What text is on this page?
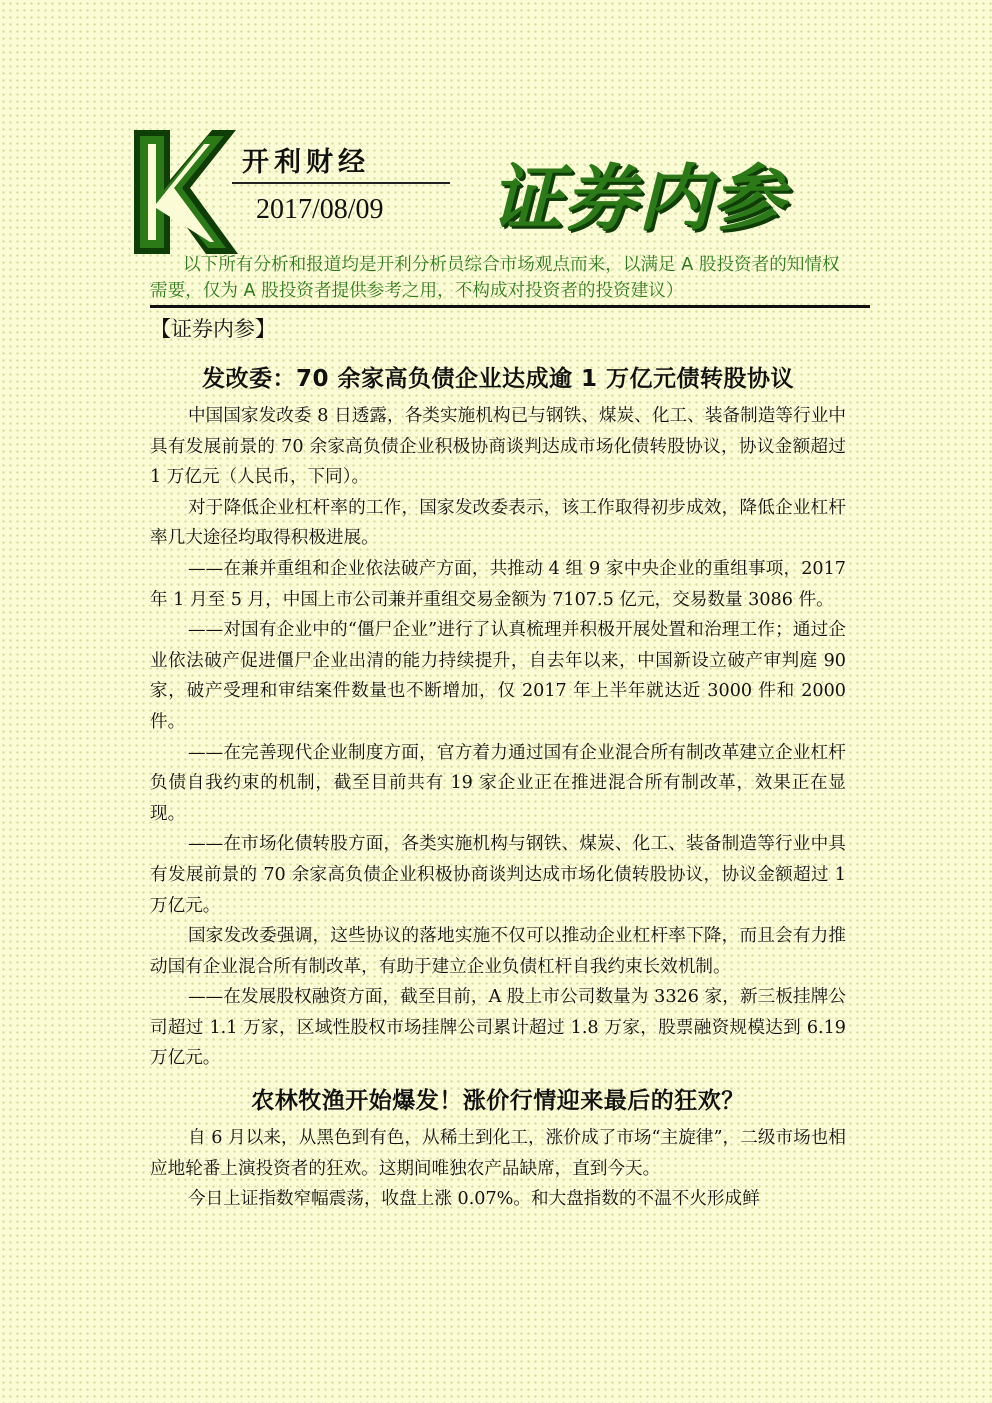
开利财经
2017/08/09 证券内参

以下所有分析和报道均是开利分析员综合市场观点而来，以满足 A 股投资者的知情权需要，仅为 A 股投资者提供参考之用，不构成对投资者的投资建议）

【证券内参】
发改委：70 余家高负债企业达成逾 1 万亿元债转股协议

中国国家发改委 8 日透露，各类实施机构已与钢铁、煤炭、化工、装备制造等行业中具有发展前景的 70 余家高负债企业积极协商谈判达成市场化债转股协议，协议金额超过 1 万亿元（人民币，下同）。

对于降低企业杠杆率的工作，国家发改委表示，该工作取得初步成效，降低企业杠杆率几大途径均取得积极进展。

——在兼并重组和企业依法破产方面，共推动 4 组 9 家中央企业的重组事项，2017 年 1 月至 5 月，中国上市公司兼并重组交易金额为 7107.5 亿元，交易数量 3086 件。

——对国有企业中的“僵尸企业”进行了认真梳理并积极开展处置和治理工作；通过企业依法破产促进僵尸企业出清的能力持续提升，自去年以来，中国新设立破产审判庭 90 家，破产受理和审结案件数量也不断增加，仅 2017 年上半年就达近 3000 件和 2000 件。

——在完善现代企业制度方面，官方着力通过国有企业混合所有制改革建立企业杠杆负债自我约束的机制，截至目前共有 19 家企业正在推进混合所有制改革，效果正在显现。

——在市场化债转股方面，各类实施机构与钢铁、煤炭、化工、装备制造等行业中具有发展前景的 70 余家高负债企业积极协商谈判达成市场化债转股协议，协议金额超过 1 万亿元。

国家发改委强调，这些协议的落地实施不仅可以推动企业杠杆率下降，而且会有力推动国有企业混合所有制改革，有助于建立企业负债杠杆自我约束长效机制。

——在发展股权融资方面，截至目前，A 股上市公司数量为 3326 家，新三板挂牌公司超过 1.1 万家，区域性股权市场挂牌公司累计超过 1.8 万家，股票融资规模达到 6.19 万亿元。

农林牧渔开始爆发！涨价行情迎来最后的狂欢？

自 6 月以来，从黑色到有色，从稀土到化工，涨价成了市场“主旋律”，二级市场也相应地轮番上演投资者的狂欢。这期间唯独农产品缺席，直到今天。

今日上证指数窄幅震荡，收盘上涨 0.07%。和大盘指数的不温不火形成鲜
